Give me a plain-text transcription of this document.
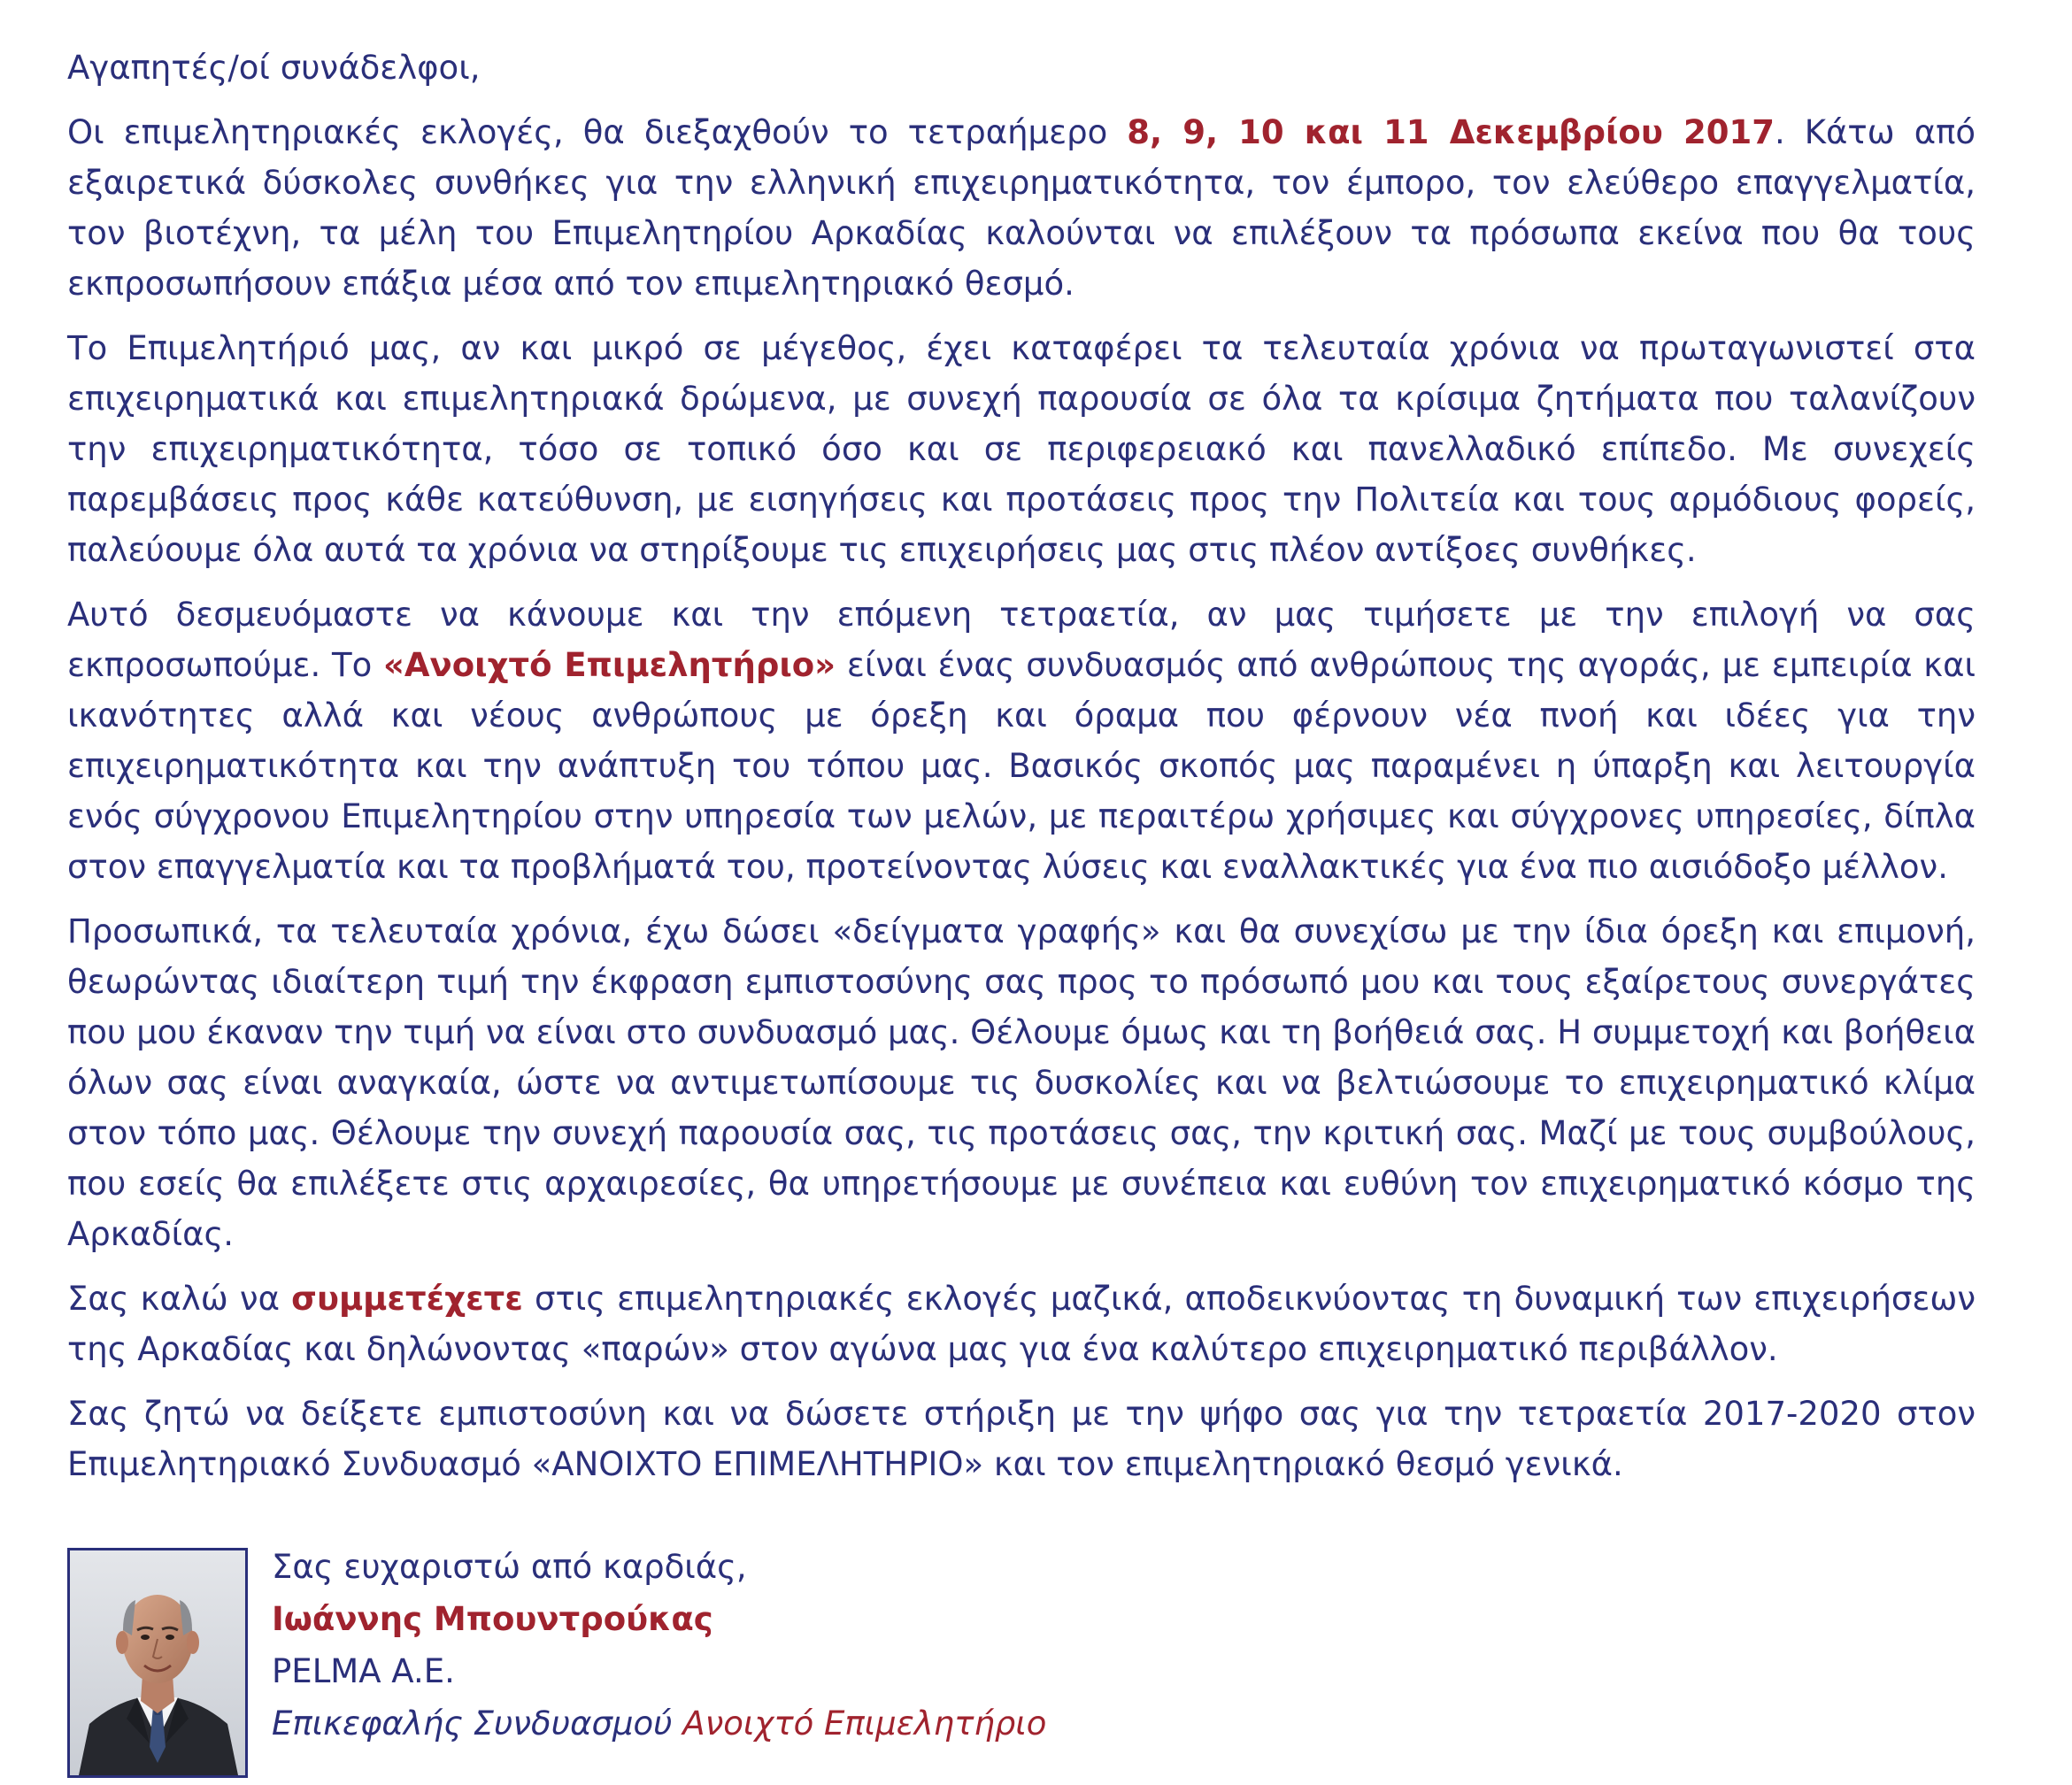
Αγαπητές/οί συνάδελφοι,

Οι επιμελητηριακές εκλογές, θα διεξαχθούν το τετραήμερο 8, 9, 10 και 11 Δεκεμβρίου 2017. Κάτω από εξαιρετικά δύσκολες συνθήκες για την ελληνική επιχειρηματικότητα, τον έμπορο, τον ελεύθερο επαγγελματία, τον βιοτέχνη, τα μέλη του Επιμελητηρίου Αρκαδίας καλούνται να επιλέξουν τα πρόσωπα εκείνα που θα τους εκπροσωπήσουν επάξια μέσα από τον επιμελητηριακό θεσμό.

Το Επιμελητήριό μας, αν και μικρό σε μέγεθος, έχει καταφέρει τα τελευταία χρόνια να πρωταγωνιστεί στα επιχειρηματικά και επιμελητηριακά δρώμενα, με συνεχή παρουσία σε όλα τα κρίσιμα ζητήματα που ταλανίζουν την επιχειρηματικότητα, τόσο σε τοπικό όσο και σε περιφερειακό και πανελλαδικό επίπεδο. Με συνεχείς παρεμβάσεις προς κάθε κατεύθυνση, με εισηγήσεις και προτάσεις προς την Πολιτεία και τους αρμόδιους φορείς, παλεύουμε όλα αυτά τα χρόνια να στηρίξουμε τις επιχειρήσεις μας στις πλέον αντίξοες συνθήκες.

Αυτό δεσμευόμαστε να κάνουμε και την επόμενη τετραετία, αν μας τιμήσετε με την επιλογή να σας εκπροσωπούμε. Το «Ανοιχτό Επιμελητήριο» είναι ένας συνδυασμός από ανθρώπους της αγοράς, με εμπειρία και ικανότητες αλλά και νέους ανθρώπους με όρεξη και όραμα που φέρνουν νέα πνοή και ιδέες για την επιχειρηματικότητα και την ανάπτυξη του τόπου μας. Βασικός σκοπός μας παραμένει η ύπαρξη και λειτουργία ενός σύγχρονου Επιμελητηρίου στην υπηρεσία των μελών, με περαιτέρω χρήσιμες και σύγχρονες υπηρεσίες, δίπλα στον επαγγελματία και τα προβλήματά του, προτείνοντας λύσεις και εναλλακτικές για ένα πιο αισιόδοξο μέλλον.

Προσωπικά, τα τελευταία χρόνια, έχω δώσει «δείγματα γραφής» και θα συνεχίσω με την ίδια όρεξη και επιμονή, θεωρώντας ιδιαίτερη τιμή την έκφραση εμπιστοσύνης σας προς το πρόσωπό μου και τους εξαίρετους συνεργάτες που μου έκαναν την τιμή να είναι στο συνδυασμό μας. Θέλουμε όμως και τη βοήθειά σας. Η συμμετοχή και βοήθεια όλων σας είναι αναγκαία, ώστε να αντιμετωπίσουμε τις δυσκολίες και να βελτιώσουμε το επιχειρηματικό κλίμα στον τόπο μας. Θέλουμε την συνεχή παρουσία σας, τις προτάσεις σας, την κριτική σας. Μαζί με τους συμβούλους, που εσείς θα επιλέξετε στις αρχαιρεσίες, θα υπηρετήσουμε με συνέπεια και ευθύνη τον επιχειρηματικό κόσμο της Αρκαδίας.

Σας καλώ να συμμετέχετε στις επιμελητηριακές εκλογές μαζικά, αποδεικνύοντας τη δυναμική των επιχειρήσεων της Αρκαδίας και δηλώνοντας «παρών» στον αγώνα μας για ένα καλύτερο επιχειρηματικό περιβάλλον.

Σας ζητώ να δείξετε εμπιστοσύνη και να δώσετε στήριξη με την ψήφο σας για την τετραετία 2017-2020 στον Επιμελητηριακό Συνδυασμό «ΑΝΟΙΧΤΟ ΕΠΙΜΕΛΗΤΗΡΙΟ» και τον επιμελητηριακό θεσμό γενικά.

Σας ευχαριστώ από καρδιάς,
Ιωάννης Μπουντρούκας
PELMA A.E.
Επικεφαλής Συνδυασμού Ανοιχτό Επιμελητήριο
